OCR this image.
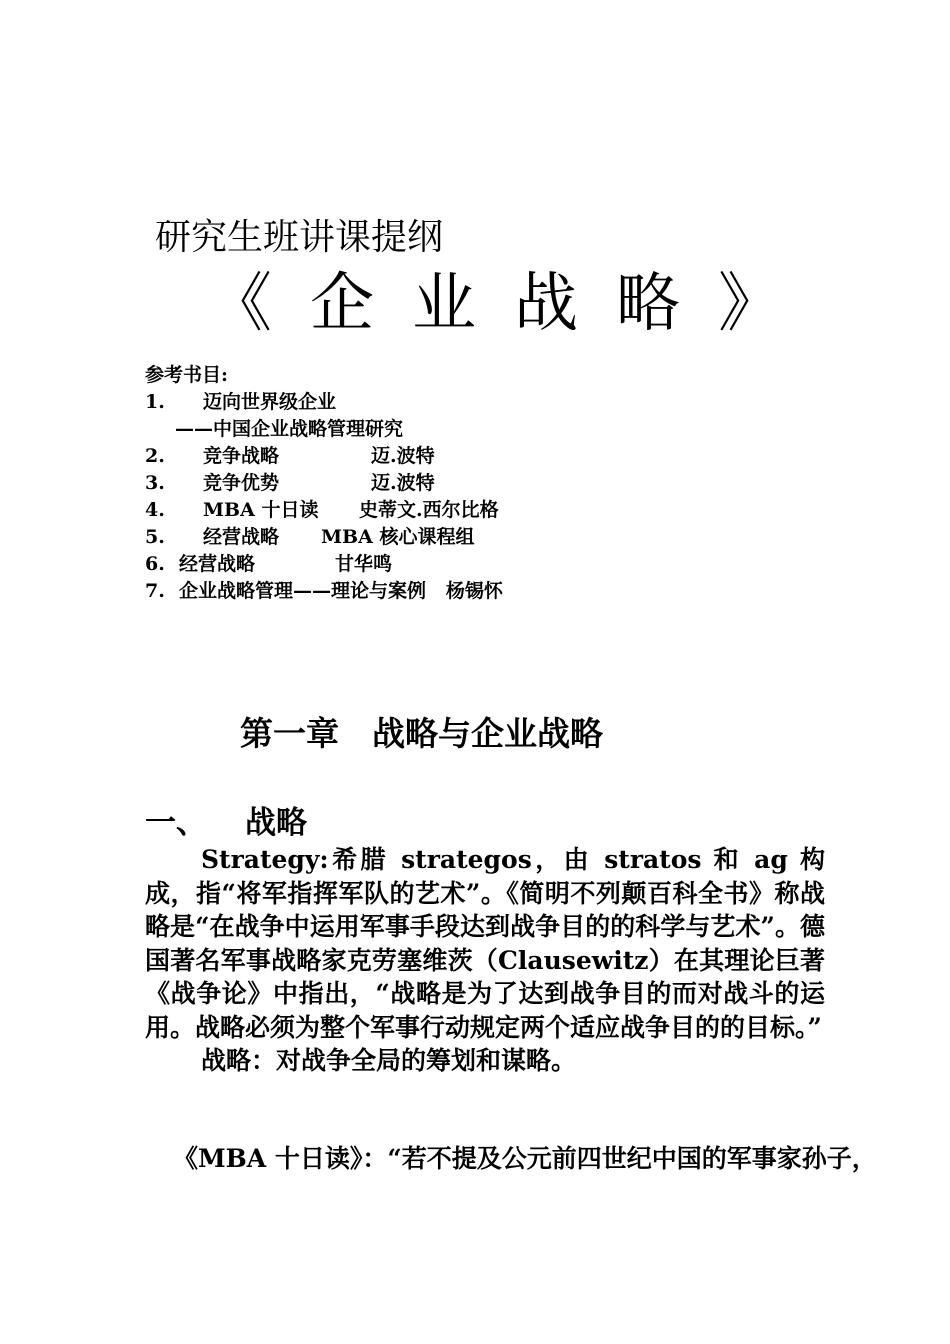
研究生班讲课提纲
《 企 业 战 略 》
参考书目:
1. 迈向世界级企业
——中国企业战略管理研究
2. 竞争战略	迈.波特
3. 竞争优势	迈.波特
4. MBA 十日读 史蒂文.西尔比格
5. 经营战略 MBA 核心课程组
6. 经营战略	甘华鸣
7. 企业战略管理——理论与案例 杨锡怀
第一章　战略与企业战略
一、 战略

Strategy:希腊 strategos，由 stratos 和 ag 构成，指“将军指挥军队的艺术”。《简明不列颠百科全书》称战略是“在战争中运用军事手段达到战争目的的科学与艺术”。德国著名军事战略家克劳塞维茨（Clausewitz）在其理论巨著《战争论》中指出，“战略是为了达到战争目的而对战斗的运用。战略必须为整个军事行动规定两个适应战争目的的目标。”

战略：对战争全局的筹划和谋略。

《MBA 十日读》：“若不提及公元前四世纪中国的军事家孙子，
